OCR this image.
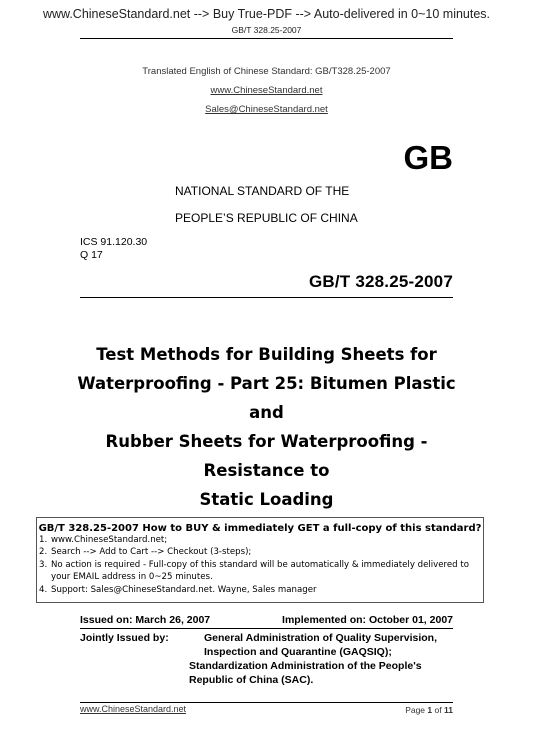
www.ChineseStandard.net --> Buy True-PDF --> Auto-delivered in 0~10 minutes.
GB/T 328.25-2007
Translated English of Chinese Standard: GB/T328.25-2007
www.ChineseStandard.net
Sales@ChineseStandard.net
GB
NATIONAL STANDARD OF THE
PEOPLE’S REPUBLIC OF CHINA
ICS 91.120.30
Q 17
GB/T 328.25-2007
Test Methods for Building Sheets for
Waterproofing - Part 25: Bitumen Plastic and
Rubber Sheets for Waterproofing - Resistance to
Static Loading
GB/T 328.25-2007 How to BUY & immediately GET a full-copy of this standard?
1. www.ChineseStandard.net;
2. Search --> Add to Cart --> Checkout (3-steps);
3. No action is required - Full-copy of this standard will be automatically & immediately delivered to
your EMAIL address in 0~25 minutes.
4. Support: Sales@ChineseStandard.net. Wayne, Sales manager
Issued on: March 26, 2007	Implemented on: October 01, 2007
Jointly Issued by:	General Administration of Quality Supervision,
Inspection and Quarantine (GAQSIQ);
Standardization Administration of the People's
Republic of China (SAC).
www.ChineseStandard.net	Page 1 of 11
